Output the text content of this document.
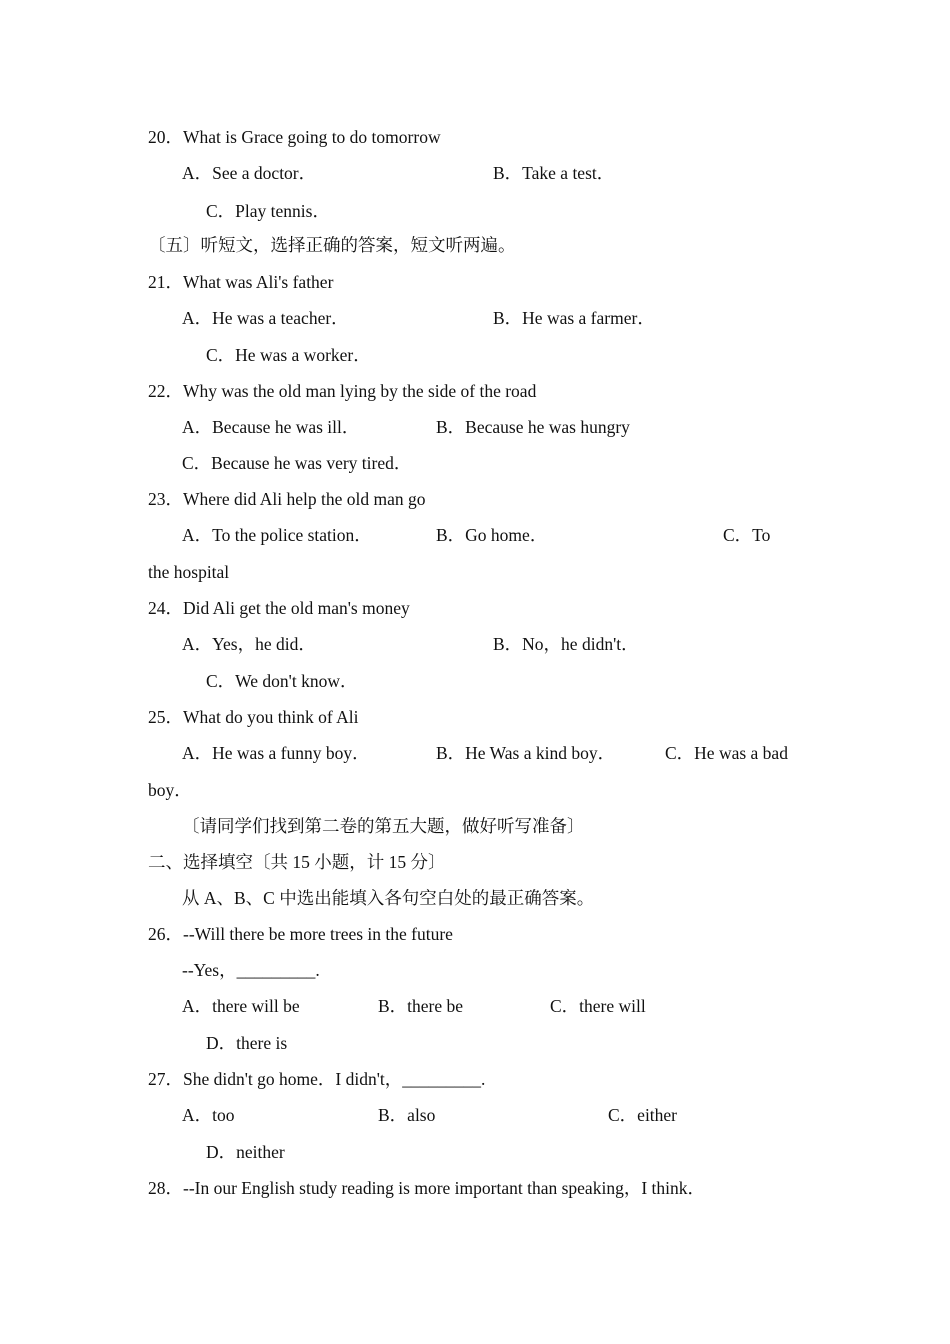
20．What is Grace going to do tomorrow
A．See a doctor．	B．Take a test．
C．Play tennis．
〔五〕听短文，选择正确的答案，短文听两遍。
21．What was Ali's father
A．He was a teacher．	B．He was a farmer．
C．He was a worker．
22．Why was the old man lying by the side of the road
A．Because he was ill．	B．Because he was hungry
C．Because he was very tired．
23．Where did Ali help the old man go
A．To the police station．	B．Go home．	C．To
the hospital
24．Did Ali get the old man's money
A．Yes，he did．	B．No，he didn't．
C．We don't know．
25．What do you think of Ali
A．He was a funny boy．	B．He Was a kind boy．	C．He was a bad
boy．
〔请同学们找到第二卷的第五大题，做好听写准备〕
二、选择填空〔共 15 小题，计 15 分〕
从 A、B、C 中选出能填入各句空白处的最正确答案。
26．--Will there be more trees in the future
--Yes，_________.
A．there will be	B．there be	C．there will
D．there is
27．She didn't go home．I didn't，_________.
A．too	B．also	C．either
D．neither
28．--In our English study reading is more important than speaking，I think．
